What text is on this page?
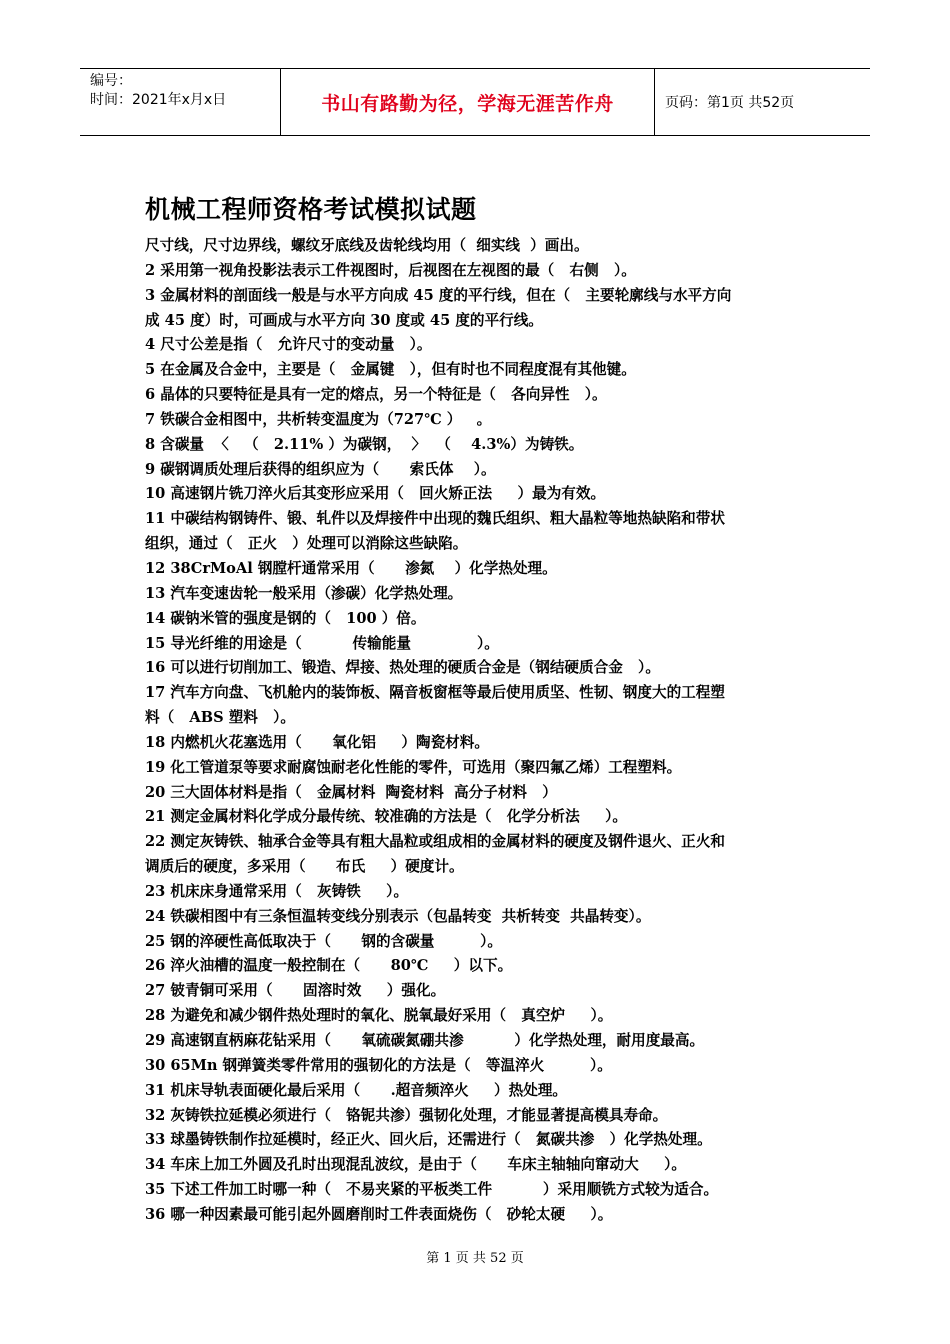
编号：
时间：2021年x月x日	书山有路勤为径，学海无涯苦作舟	页码：第1页 共52页
机械工程师资格考试模拟试题
尺寸线，尺寸边界线，螺纹牙底线及齿轮线均用（  细实线  ）画出。
2 采用第一视角投影法表示工件视图时，后视图在左视图的最（   右侧   ）。
3 金属材料的剖面线一般是与水平方向成 45 度的平行线，但在（   主要轮廓线与水平方向
成 45 度）时，可画成与水平方向 30 度或 45 度的平行线。
4 尺寸公差是指（   允许尺寸的变动量   ）。
5 在金属及合金中，主要是（   金属键   ），但有时也不同程度混有其他键。
6 晶体的只要特征是具有一定的熔点，另一个特征是（   各向异性   ）。
7 铁碳合金相图中，共析转变温度为（727℃ ）   。
8 含碳量  〈   （   2.11% ）为碳钢，  〉  （    4.3%）为铸铁。
9 碳钢调质处理后获得的组织应为（      索氏体    ）。
10 高速钢片铣刀淬火后其变形应采用（   回火矫正法     ）最为有效。
11 中碳结构钢铸件、锻、轧件以及焊接件中出现的魏氏组织、粗大晶粒等地热缺陷和带状
组织，通过（   正火   ）处理可以消除这些缺陷。
12 38CrMoAl 钢膛杆通常采用（      渗氮    ）化学热处理。
13 汽车变速齿轮一般采用（渗碳）化学热处理。
14 碳钠米管的强度是钢的（   100 ）倍。
15 导光纤维的用途是（          传输能量             ）。
16 可以进行切削加工、锻造、焊接、热处理的硬质合金是（钢结硬质合金   ）。
17 汽车方向盘、飞机舱内的装饰板、隔音板窗框等最后使用质坚、性韧、钢度大的工程塑
料（   ABS 塑料   ）。
18 内燃机火花塞选用（      氧化铝     ）陶瓷材料。
19 化工管道泵等要求耐腐蚀耐老化性能的零件，可选用（聚四氟乙烯）工程塑料。
20 三大固体材料是指（   金属材料  陶瓷材料  高分子材料   ）
21 测定金属材料化学成分最传统、较准确的方法是（   化学分析法     ）。
22 测定灰铸铁、轴承合金等具有粗大晶粒或组成相的金属材料的硬度及钢件退火、正火和
调质后的硬度，多采用（      布氏     ）硬度计。
23 机床床身通常采用（   灰铸铁     ）。
24 铁碳相图中有三条恒温转变线分别表示（包晶转变  共析转变  共晶转变）。
25 钢的淬硬性高低取决于（      钢的含碳量         ）。
26 淬火油槽的温度一般控制在（      80℃     ）以下。
27 铍青铜可采用（      固溶时效     ）强化。
28 为避免和减少钢件热处理时的氧化、脱氧最好采用（   真空炉     ）。
29 高速钢直柄麻花钻采用（      氧硫碳氮硼共渗          ）化学热处理，耐用度最高。
30 65Mn 钢弹簧类零件常用的强韧化的方法是（   等温淬火         ）。
31 机床导轨表面硬化最后采用（      .超音频淬火     ）热处理。
32 灰铸铁拉延模必须进行（   铬铌共渗）强韧化处理，才能显著提高模具寿命。
33 球墨铸铁制作拉延模时，经正火、回火后，还需进行（   氮碳共渗   ）化学热处理。
34 车床上加工外圆及孔时出现混乱波纹，是由于（      车床主轴轴向窜动大     ）。
35 下述工件加工时哪一种（   不易夹紧的平板类工件          ）采用顺铣方式较为适合。
36 哪一种因素最可能引起外圆磨削时工件表面烧伤（   砂轮太硬     ）。
第 1 页 共 52 页
